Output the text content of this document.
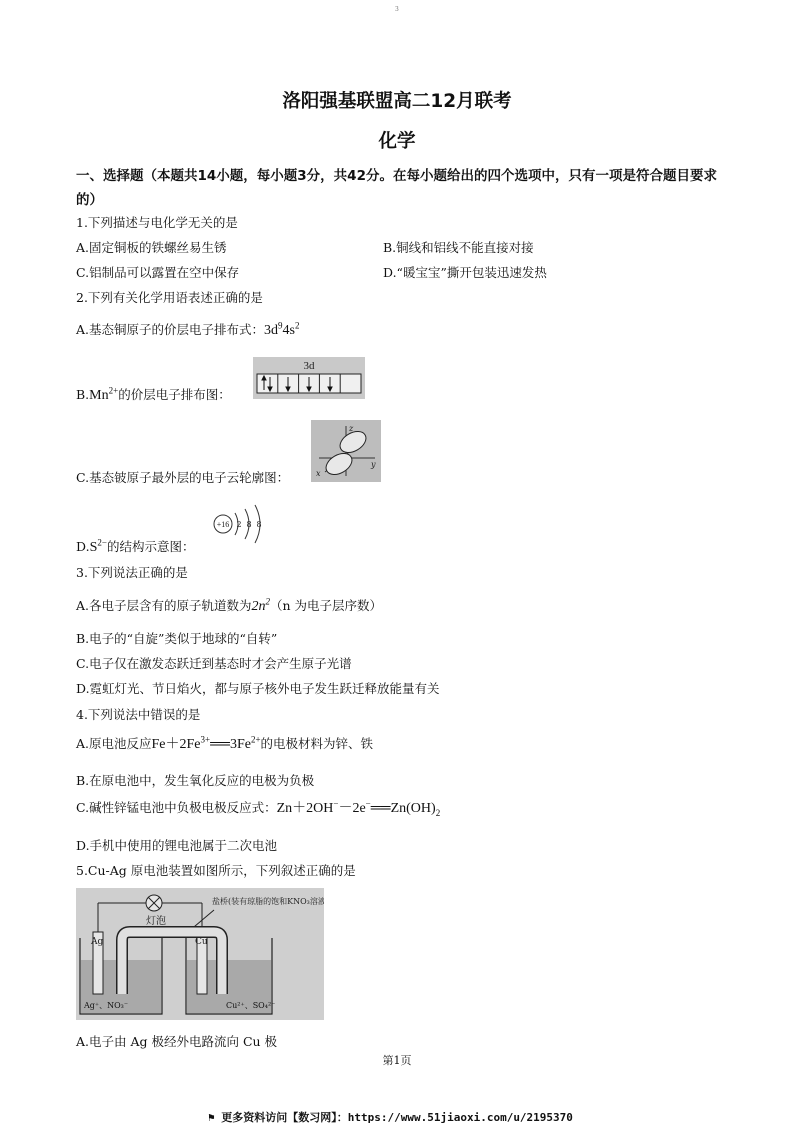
3
洛阳强基联盟高二12月联考
化学
一、选择题（本题共14小题，每小题3分，共42分。在每小题给出的四个选项中，只有一项是符合题目要求的）
1.下列描述与电化学无关的是
A.固定铜板的铁螺丝易生锈	B.铜线和铝线不能直接对接
C.铝制品可以露置在空中保存	D.“暖宝宝”撕开包装迅速发热
2.下列有关化学用语表述正确的是
A.基态铜原子的价层电子排布式：$3d^94s^2$
$B.Mn^{2+}$的价层电子排布图：
3d
C.基态铍原子最外层的电子云轮廓图：
z
x
y
$D.S^{2-}$的结构示意图：
+16 2 8 8
3.下列说法正确的是
A.各电子层含有的原子轨道数为$2n^2(n$ 为电子层序数）
B.电子的“自旋”类似于地球的“自转”
C.电子仅在激发态跃迁到基态时才会产生原子光谱
D.霓虹灯光、节日焰火，都与原子核外电子发生跃迁释放能量有关
4.下列说法中错误的是
A.原电池反应$Fe+2Fe^{3+}══3Fe^{2+}$的电极材料为锌、铁
B.在原电池中，发生氧化反应的电极为负极
C.碱性锌锰电池中负极电极反应式：$Zn+2OH^--2e^-══Zn(OH)_2$
D.手机中使用的锂电池属于二次电池
5.Cu-Ag 原电池装置如图所示，下列叙述正确的是
灯泡
盐桥(装有琼脂的饱和KNO₃溶液)
Ag	Cu
Ag⁺、NO₃⁻	Cu²⁺、SO₄²⁻
A.电子由 Ag 极经外电路流向 Cu 极
第1页
⚑ 更多资料访问【数习网】：https://www.51jiaoxi.com/u/2195370
